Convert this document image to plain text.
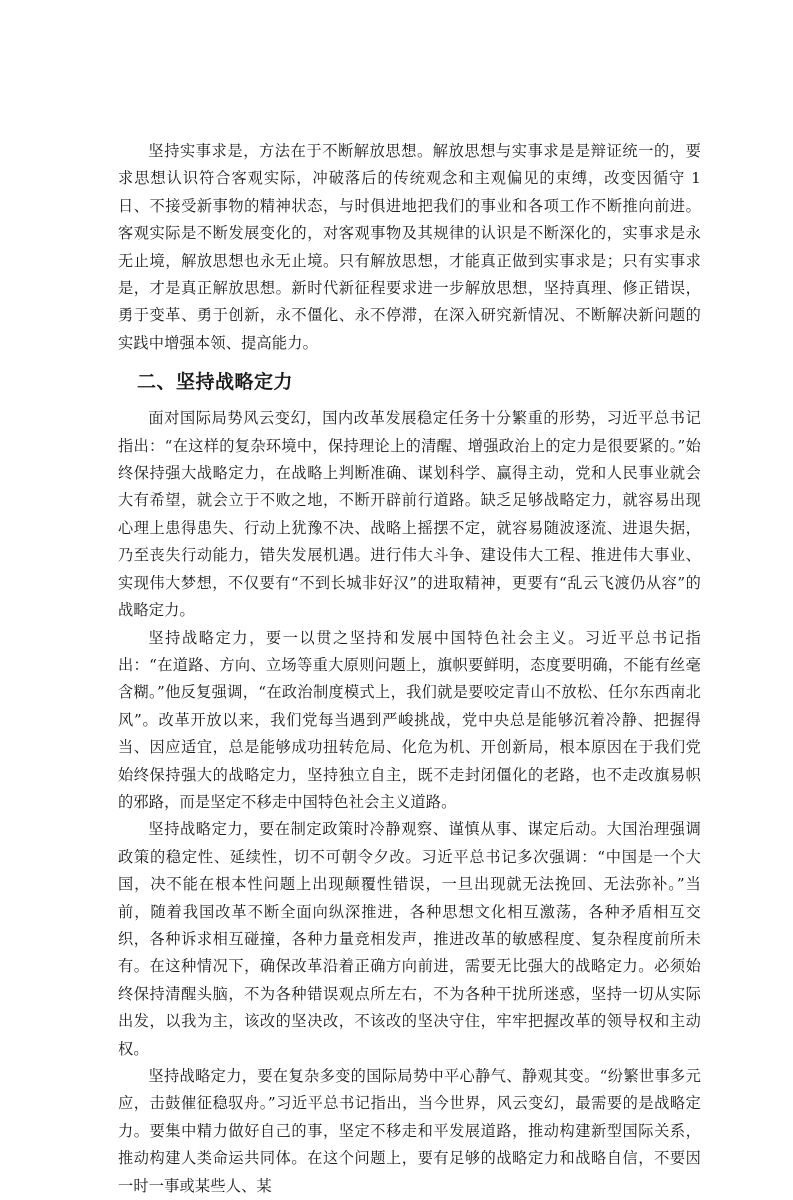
坚持实事求是，方法在于不断解放思想。解放思想与实事求是是辩证统一的，要求思想认识符合客观实际，冲破落后的传统观念和主观偏见的束缚，改变因循守 1 日、不接受新事物的精神状态，与时俱进地把我们的事业和各项工作不断推向前进。客观实际是不断发展变化的，对客观事物及其规律的认识是不断深化的，实事求是永无止境，解放思想也永无止境。只有解放思想，才能真正做到实事求是；只有实事求是，才是真正解放思想。新时代新征程要求进一步解放思想，坚持真理、修正错误，勇于变革、勇于创新，永不僵化、永不停滞，在深入研究新情况、不断解决新问题的实践中增强本领、提高能力。

二、坚持战略定力

面对国际局势风云变幻，国内改革发展稳定任务十分繁重的形势，习近平总书记指出：“在这样的复杂环境中，保持理论上的清醒、增强政治上的定力是很要紧的。”始终保持强大战略定力，在战略上判断准确、谋划科学、赢得主动，党和人民事业就会大有希望，就会立于不败之地，不断开辟前行道路。缺乏足够战略定力，就容易出现心理上患得患失、行动上犹豫不决、战略上摇摆不定，就容易随波逐流、进退失据，乃至丧失行动能力，错失发展机遇。进行伟大斗争、建设伟大工程、推进伟大事业、实现伟大梦想，不仅要有“不到长城非好汉”的进取精神，更要有“乱云飞渡仍从容”的战略定力。

坚持战略定力，要一以贯之坚持和发展中国特色社会主义。习近平总书记指出：“在道路、方向、立场等重大原则问题上，旗帜要鲜明，态度要明确，不能有丝毫含糊。”他反复强调，“在政治制度模式上，我们就是要咬定青山不放松、任尔东西南北风”。改革开放以来，我们党每当遇到严峻挑战，党中央总是能够沉着冷静、把握得当、因应适宜，总是能够成功扭转危局、化危为机、开创新局，根本原因在于我们党始终保持强大的战略定力，坚持独立自主，既不走封闭僵化的老路，也不走改旗易帜的邪路，而是坚定不移走中国特色社会主义道路。

坚持战略定力，要在制定政策时冷静观察、谨慎从事、谋定后动。大国治理强调政策的稳定性、延续性，切不可朝令夕改。习近平总书记多次强调：“中国是一个大国，决不能在根本性问题上出现颠覆性错误，一旦出现就无法挽回、无法弥补。”当前，随着我国改革不断全面向纵深推进，各种思想文化相互激荡，各种矛盾相互交织，各种诉求相互碰撞，各种力量竞相发声，推进改革的敏感程度、复杂程度前所未有。在这种情况下，确保改革沿着正确方向前进，需要无比强大的战略定力。必须始终保持清醒头脑，不为各种错误观点所左右，不为各种干扰所迷惑，坚持一切从实际出发，以我为主，该改的坚决改，不该改的坚决守住，牢牢把握改革的领导权和主动权。

坚持战略定力，要在复杂多变的国际局势中平心静气、静观其变。“纷繁世事多元应，击鼓催征稳驭舟。”习近平总书记指出，当今世界，风云变幻，最需要的是战略定力。要集中精力做好自己的事，坚定不移走和平发展道路，推动构建新型国际关系，推动构建人类命运共同体。在这个问题上，要有足够的战略定力和战略自信，不要因一时一事或某些人、某
